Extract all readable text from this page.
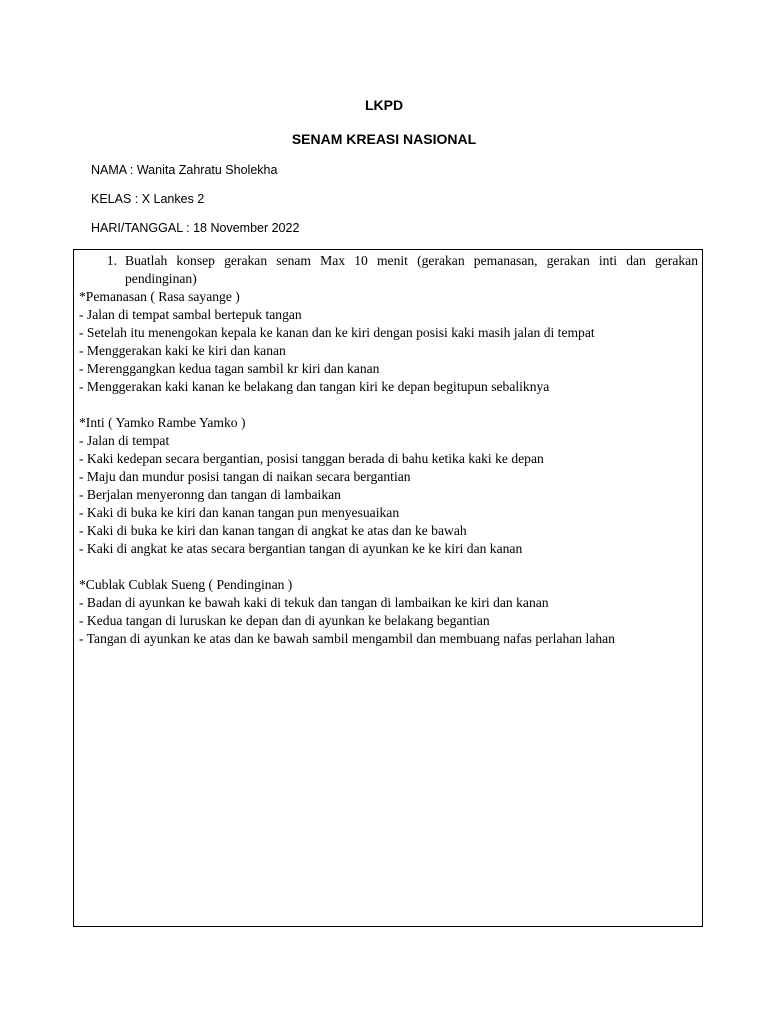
LKPD
SENAM KREASI NASIONAL
NAMA : Wanita Zahratu Sholekha
KELAS : X Lankes 2
HARI/TANGGAL : 18 November 2022
1. Buatlah konsep gerakan senam Max 10 menit (gerakan pemanasan, gerakan inti dan gerakan pendinginan)
*Pemanasan ( Rasa sayange )
- Jalan di tempat sambal bertepuk tangan
- Setelah itu menengokan kepala ke kanan dan ke kiri dengan posisi kaki masih jalan di tempat
- Menggerakan kaki ke kiri dan kanan
- Merenggangkan kedua tagan sambil kr kiri dan kanan
- Menggerakan kaki kanan ke belakang dan tangan kiri ke depan begitupun sebaliknya
*Inti ( Yamko Rambe Yamko )
- Jalan di tempat
- Kaki kedepan secara bergantian, posisi tanggan berada di bahu ketika kaki ke depan
- Maju dan mundur posisi tangan di naikan secara bergantian
- Berjalan menyeronng dan tangan di lambaikan
- Kaki di buka ke kiri dan kanan tangan pun menyesuaikan
- Kaki di buka ke kiri dan kanan tangan di angkat ke atas dan ke bawah
- Kaki di angkat ke atas secara bergantian tangan di ayunkan ke ke kiri dan kanan
*Cublak Cublak Sueng ( Pendinginan )
- Badan di ayunkan ke bawah kaki di tekuk dan tangan di lambaikan ke kiri dan kanan
- Kedua tangan di luruskan ke depan dan di ayunkan ke belakang begantian
- Tangan di ayunkan ke atas dan ke bawah sambil mengambil dan membuang nafas perlahan lahan
